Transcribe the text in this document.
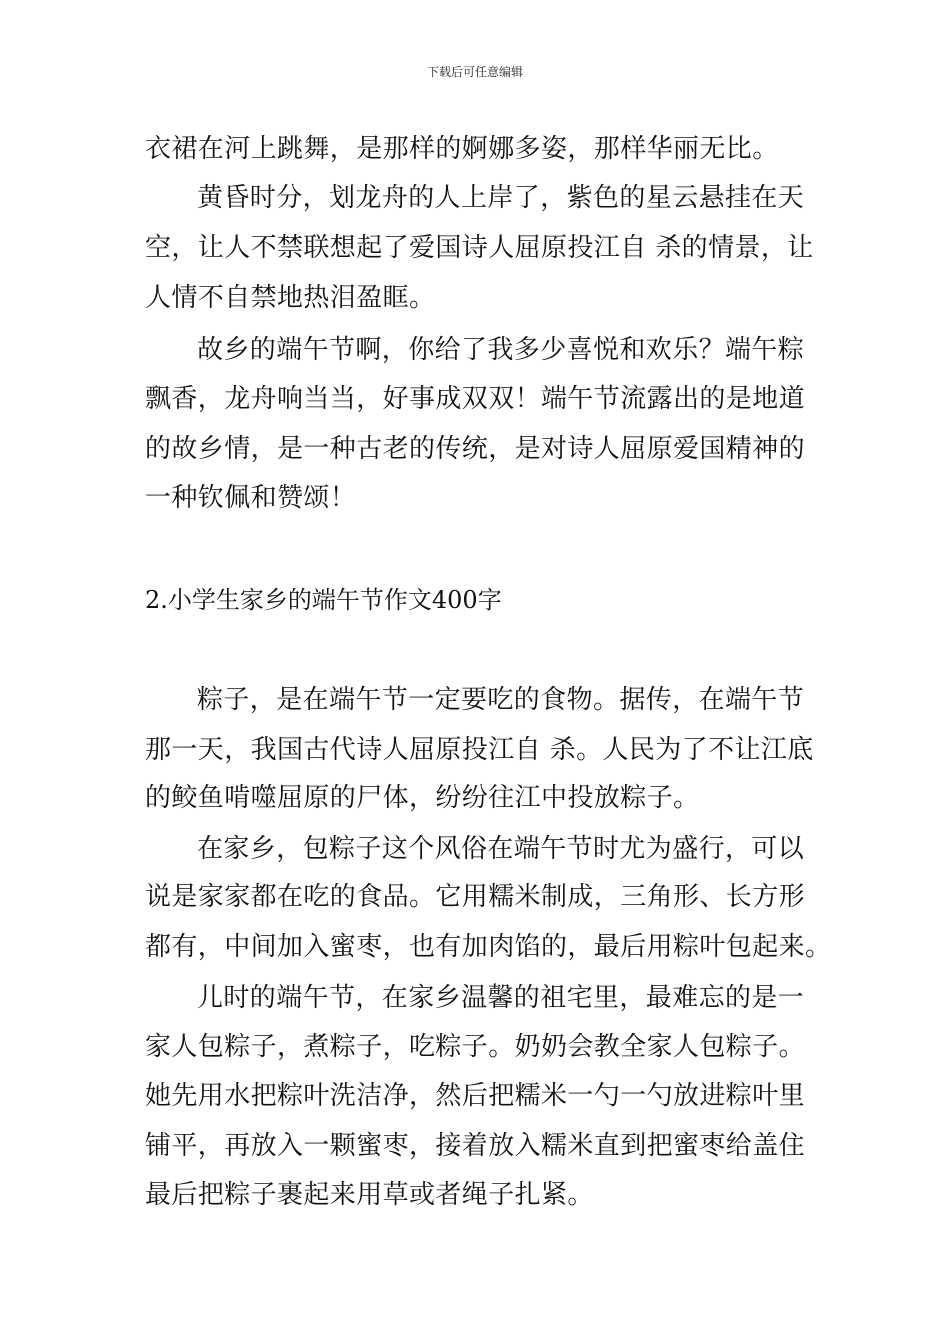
下载后可任意编辑
衣裙在河上跳舞，是那样的婀娜多姿，那样华丽无比。
黄昏时分，划龙舟的人上岸了，紫色的星云悬挂在天
空，让人不禁联想起了爱国诗人屈原投江自 杀的情景，让
人情不自禁地热泪盈眶。
故乡的端午节啊，你给了我多少喜悦和欢乐？端午粽
飘香，龙舟响当当，好事成双双！端午节流露出的是地道
的故乡情，是一种古老的传统，是对诗人屈原爱国精神的
一种钦佩和赞颂！
2.小学生家乡的端午节作文400字
粽子，是在端午节一定要吃的食物。据传，在端午节
那一天，我国古代诗人屈原投江自 杀。人民为了不让江底
的鲛鱼啃噬屈原的尸体，纷纷往江中投放粽子。
在家乡，包粽子这个风俗在端午节时尤为盛行，可以
说是家家都在吃的食品。它用糯米制成，三角形、长方形
都有，中间加入蜜枣，也有加肉馅的，最后用粽叶包起来。
儿时的端午节，在家乡温馨的祖宅里，最难忘的是一
家人包粽子，煮粽子，吃粽子。奶奶会教全家人包粽子。
她先用水把粽叶洗洁净，然后把糯米一勺一勺放进粽叶里
铺平，再放入一颗蜜枣，接着放入糯米直到把蜜枣给盖住
最后把粽子裹起来用草或者绳子扎紧。
